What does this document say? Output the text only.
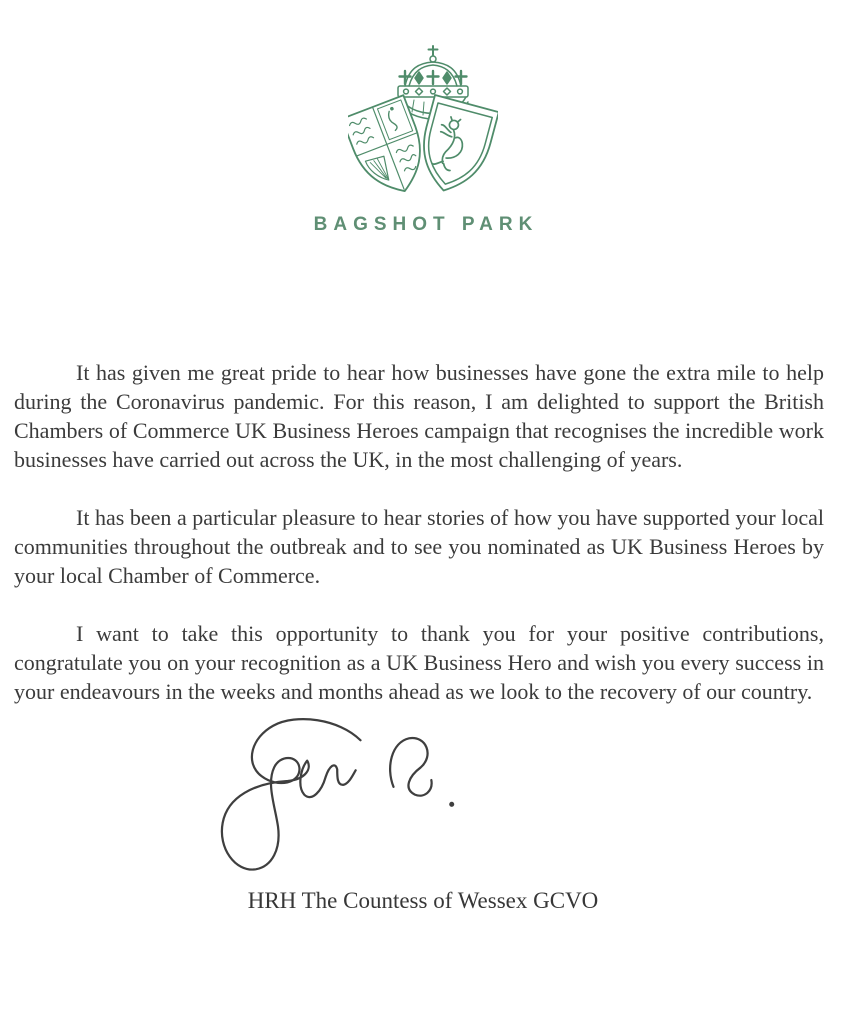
BAGSHOT PARK

It has given me great pride to hear how businesses have gone the extra mile to help during the Coronavirus pandemic. For this reason, I am delighted to support the British Chambers of Commerce UK Business Heroes campaign that recognises the incredible work businesses have carried out across the UK, in the most challenging of years.

It has been a particular pleasure to hear stories of how you have supported your local communities throughout the outbreak and to see you nominated as UK Business Heroes by your local Chamber of Commerce.

I want to take this opportunity to thank you for your positive contributions, congratulate you on your recognition as a UK Business Hero and wish you every success in your endeavours in the weeks and months ahead as we look to the recovery of our country.

HRH The Countess of Wessex GCVO
